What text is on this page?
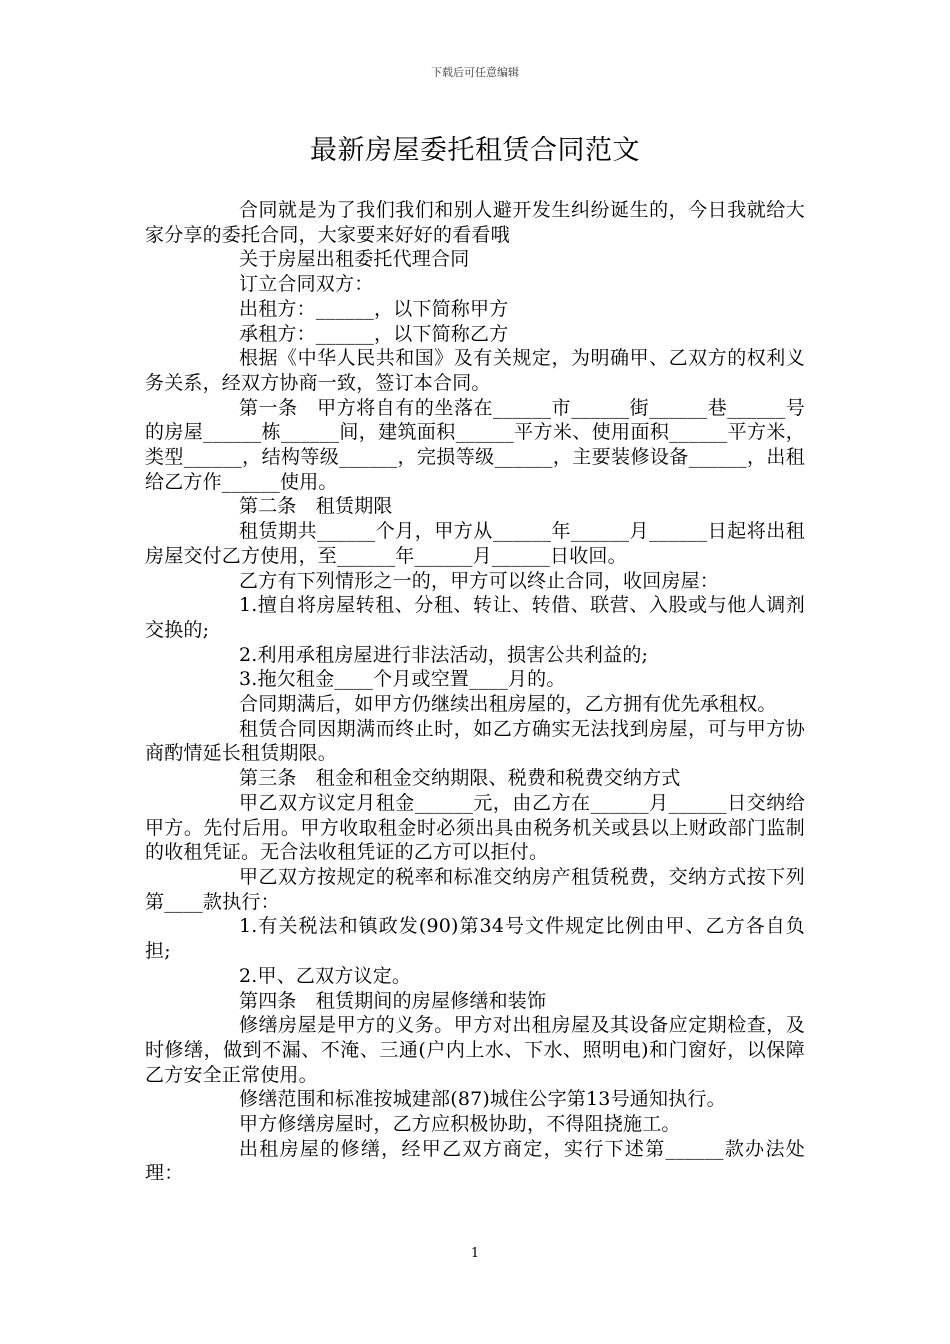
下载后可任意编辑
最新房屋委托租赁合同范文

合同就是为了我们我们和别人避开发生纠纷诞生的，今日我就给大家分享的委托合同，大家要来好好的看看哦

关于房屋出租委托代理合同

订立合同双方：

出租方：______，以下简称甲方

承租方：______，以下简称乙方

根据《中华人民共和国》及有关规定，为明确甲、乙双方的权利义务关系，经双方协商一致，签订本合同。

第一条　甲方将自有的坐落在______市______街______巷______号的房屋______栋______间，建筑面积______平方米、使用面积______平方米，类型______，结构等级______，完损等级______，主要装修设备______，出租给乙方作______使用。

第二条　租赁期限

租赁期共______个月，甲方从______年______月______日起将出租房屋交付乙方使用，至______年______月______日收回。

乙方有下列情形之一的，甲方可以终止合同，收回房屋：

1.擅自将房屋转租、分租、转让、转借、联营、入股或与他人调剂交换的;

2.利用承租房屋进行非法活动，损害公共利益的;

3.拖欠租金____个月或空置____月的。

合同期满后，如甲方仍继续出租房屋的，乙方拥有优先承租权。

租赁合同因期满而终止时，如乙方确实无法找到房屋，可与甲方协商酌情延长租赁期限。

第三条　租金和租金交纳期限、税费和税费交纳方式

甲乙双方议定月租金______元，由乙方在______月______日交纳给甲方。先付后用。甲方收取租金时必须出具由税务机关或县以上财政部门监制的收租凭证。无合法收租凭证的乙方可以拒付。

甲乙双方按规定的税率和标准交纳房产租赁税费，交纳方式按下列第____款执行：

1.有关税法和镇政发(90)第34号文件规定比例由甲、乙方各自负担;

2.甲、乙双方议定。

第四条　租赁期间的房屋修缮和装饰

修缮房屋是甲方的义务。甲方对出租房屋及其设备应定期检查，及时修缮，做到不漏、不淹、三通(户内上水、下水、照明电)和门窗好，以保障乙方安全正常使用。

修缮范围和标准按城建部(87)城住公字第13号通知执行。

甲方修缮房屋时，乙方应积极协助，不得阻挠施工。

出租房屋的修缮，经甲乙双方商定，实行下述第______款办法处理：

1
